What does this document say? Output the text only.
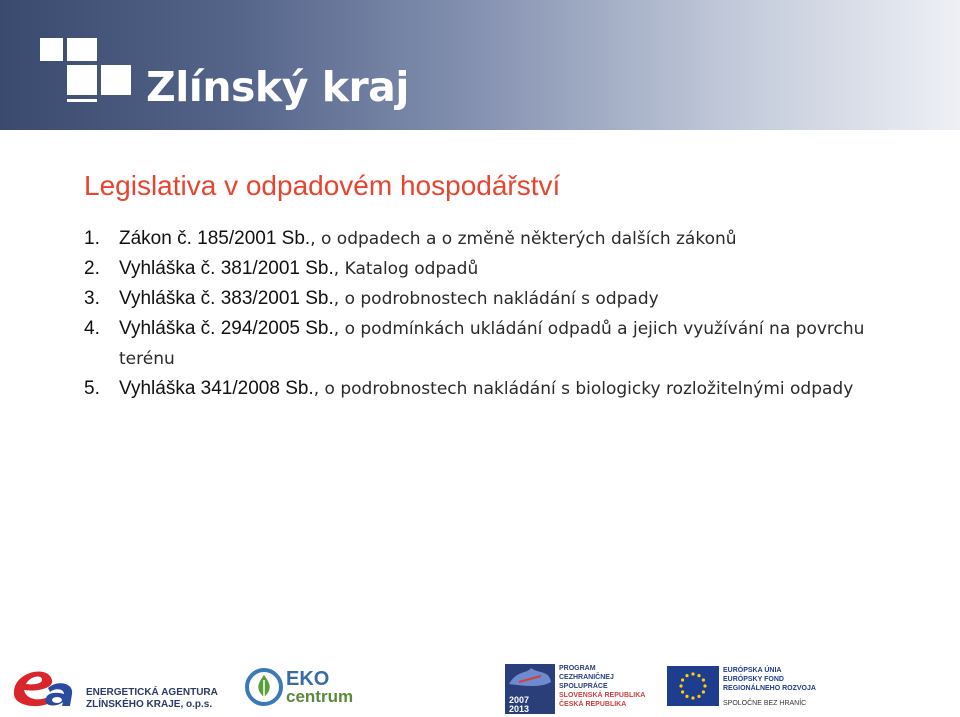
Zlínský kraj
Legislativa v odpadovém hospodářství
1. Zákon č. 185/2001 Sb., o odpadech a o změně některých dalších zákonů
2. Vyhláška č. 381/2001 Sb., Katalog odpadů
3. Vyhláška č. 383/2001 Sb., o podrobnostech nakládání s odpady
4. Vyhláška č. 294/2005 Sb., o podmínkách ukládání odpadů a jejich využívání na povrchu terénu
5. Vyhláška 341/2008 Sb., o podrobnostech nakládání s biologicky rozložitelnými odpady
ENERGETICKÁ AGENTURA
ZLÍNSKÉHO KRAJE, o.p.s.
EKO
centrum	2007
2013
PROGRAM
CEZHRANIČNEJ
SPOLUPRÁCE
SLOVENSKÁ REPUBLIKA
ČESKÁ REPUBLIKA
EURÓPSKA ÚNIA
EURÓPSKY FOND
REGIONÁLNEHO ROZVOJA
SPOLOČNE BEZ HRANÍC
